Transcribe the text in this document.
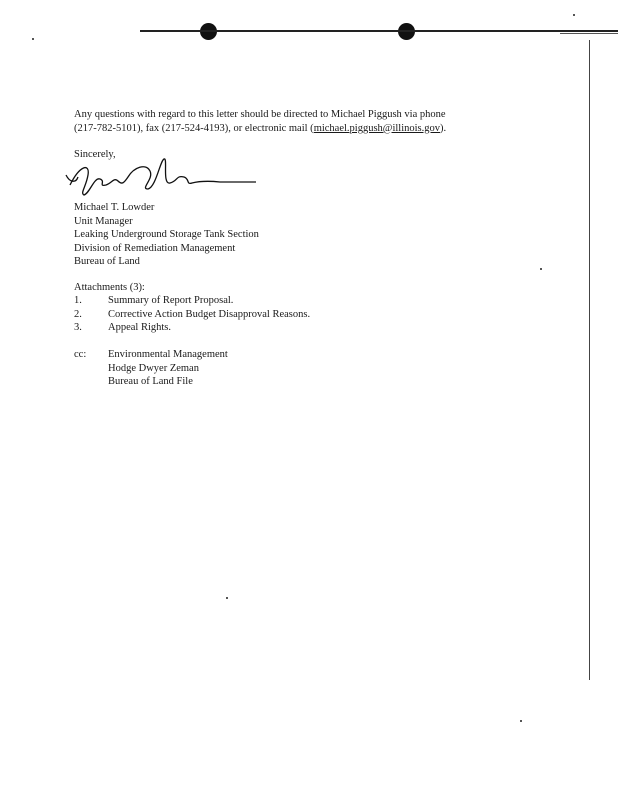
Any questions with regard to this letter should be directed to Michael Piggush via phone
(217-782-5101), fax (217-524-4193), or electronic mail (michael.piggush@illinois.gov).
Sincerely,
Michael T. Lowder
Unit Manager
Leaking Underground Storage Tank Section
Division of Remediation Management
Bureau of Land
Attachments (3):
1.	Summary of Report Proposal.
2.	Corrective Action Budget Disapproval Reasons.
3.	Appeal Rights.
cc: Environmental Management
Hodge Dwyer Zeman
Bureau of Land File
